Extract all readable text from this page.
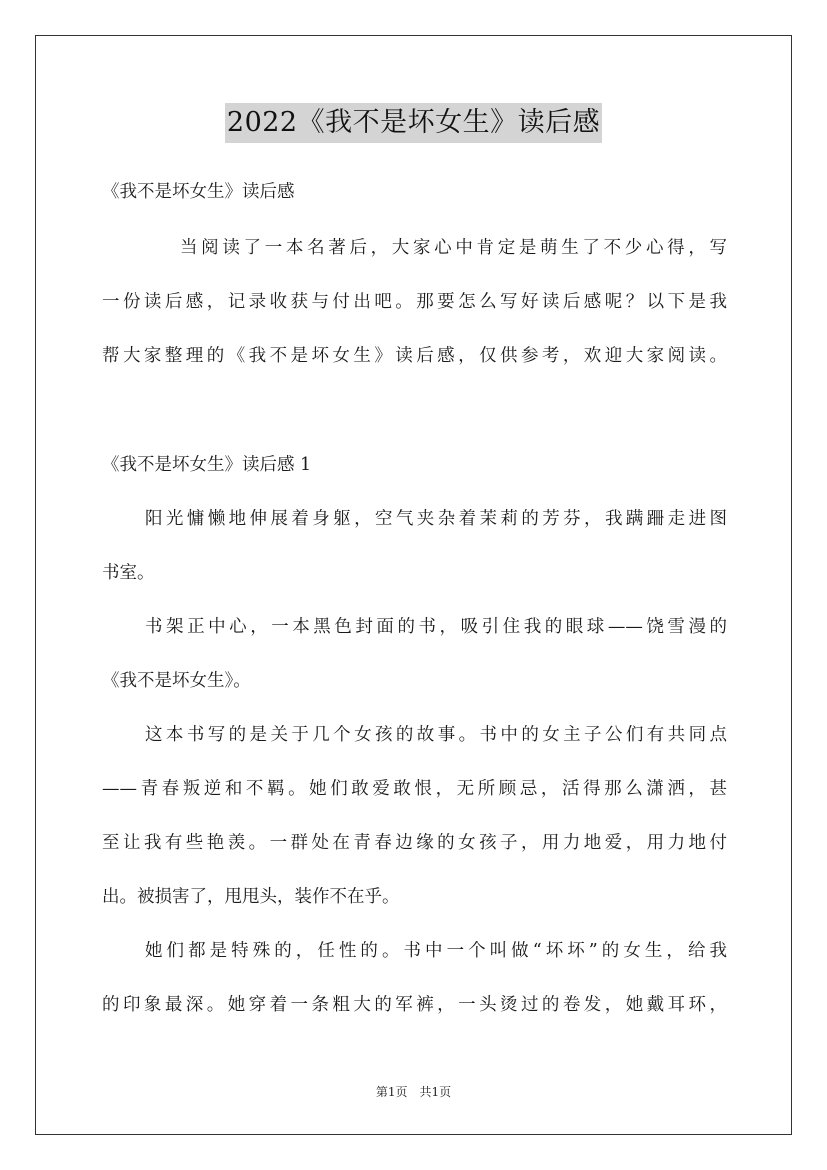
2022《我不是坏女生》读后感
《我不是坏女生》读后感
当阅读了一本名著后，大家心中肯定是萌生了不少心得，写
一份读后感，记录收获与付出吧。那要怎么写好读后感呢？以下是我
帮大家整理的《我不是坏女生》读后感，仅供参考，欢迎大家阅读。
《我不是坏女生》读后感 1
阳光慵懒地伸展着身躯，空气夹杂着茉莉的芳芬，我蹒跚走进图
书室。
书架正中心，一本黑色封面的书，吸引住我的眼球——饶雪漫的
《我不是坏女生》。
这本书写的是关于几个女孩的故事。书中的女主子公们有共同点
——青春叛逆和不羁。她们敢爱敢恨，无所顾忌，活得那么潇洒，甚
至让我有些艳羡。一群处在青春边缘的女孩子，用力地爱，用力地付
出。被损害了，甩甩头，装作不在乎。
她们都是特殊的，任性的。书中一个叫做“坏坏”的女生，给我
的印象最深。她穿着一条粗大的军裤，一头烫过的卷发，她戴耳环，
第1页　共1页
